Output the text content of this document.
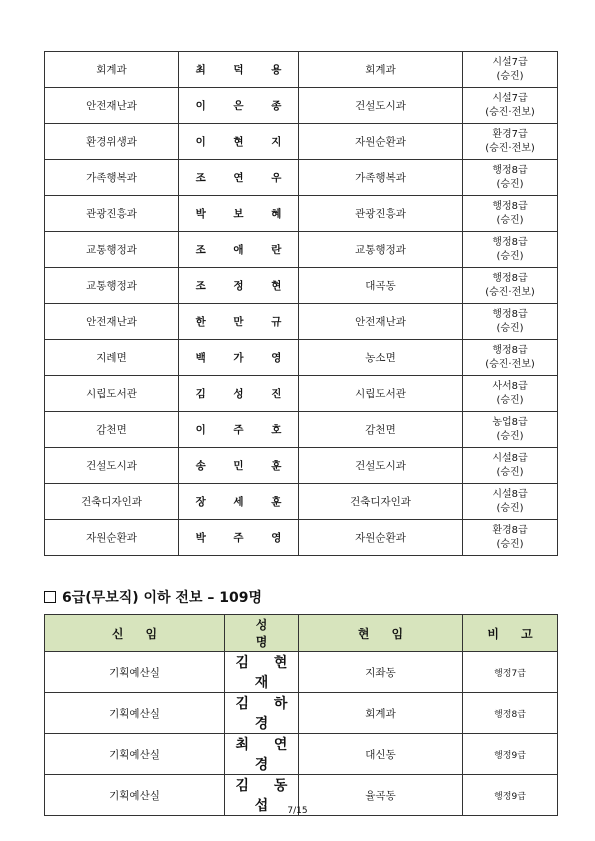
회계과	최 덕 용	회계과	시설7급
(승진)

안전재난과	이 은 종	건설도시과	시설7급
(승진·전보)

환경위생과	이 현 지	자원순환과	환경7급
(승진·전보)

가족행복과	조 연 우	가족행복과	행정8급
(승진)

관광진흥과	박 보 혜	관광진흥과	행정8급
(승진)

교통행정과	조 애 란	교통행정과	행정8급
(승진)

교통행정과	조 정 현	대곡동	행정8급
(승진·전보)

안전재난과	한 만 규	안전재난과	행정8급
(승진)

지례면	백 가 영	농소면	행정8급
(승진·전보)

시립도서관	김 성 진	시립도서관	사서8급
(승진)

감천면	이 주 호	감천면	농업8급
(승진)

건설도시과	송 민 훈	건설도시과	시설8급
(승진)

건축디자인과	장 세 훈	건축디자인과	시설8급
(승진)

자원순환과	박 주 영	자원순환과	환경8급
(승진)
6급(무보직) 이하 전보 – 109명
신임	성명	현임	비고
기획예산실	김 현 재	지좌동	행정7급
기획예산실	김 하 경	회계과	행정8급
기획예산실	최 연 경	대신동	행정9급
기획예산실	김 동 섭	율곡동	행정9급
7/15
